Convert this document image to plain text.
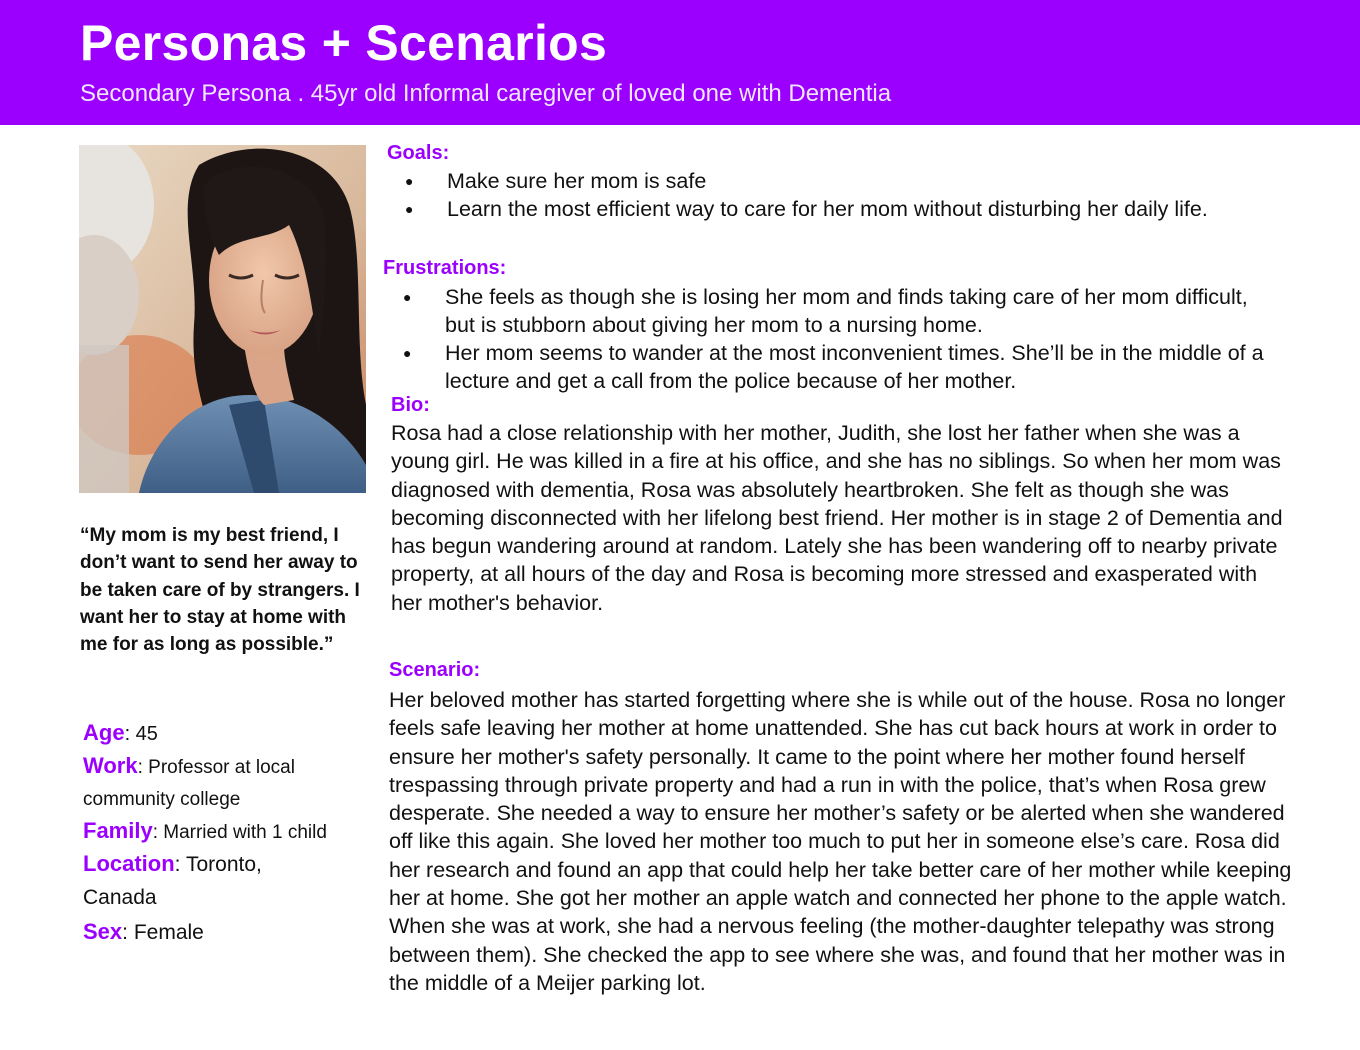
Personas + Scenarios
Secondary Persona . 45yr old Informal caregiver of loved one with Dementia
“My mom is my best friend, I don’t want to send her away to be taken care of by strangers. I want her to stay at home with me for as long as possible.”
Age: 45
Work: Professor at local
community college
Family: Married with 1 child
Location: Toronto,
Canada
Sex: Female
Goals:
● Make sure her mom is safe
● Learn the most efficient way to care for her mom without disturbing her daily life.
Frustrations:
● She feels as though she is losing her mom and finds taking care of her mom difficult, but is stubborn about giving her mom to a nursing home.
● Her mom seems to wander at the most inconvenient times. She’ll be in the middle of a lecture and get a call from the police because of her mother.
Bio:
Rosa had a close relationship with her mother, Judith, she lost her father when she was a young girl. He was killed in a fire at his office, and she has no siblings. So when her mom was diagnosed with dementia, Rosa was absolutely heartbroken. She felt as though she was becoming disconnected with her lifelong best friend. Her mother is in stage 2 of Dementia and has begun wandering around at random. Lately she has been wandering off to nearby private property, at all hours of the day and Rosa is becoming more stressed and exasperated with her mother's behavior.
Scenario:
Her beloved mother has started forgetting where she is while out of the house. Rosa no longer feels safe leaving her mother at home unattended. She has cut back hours at work in order to ensure her mother's safety personally. It came to the point where her mother found herself trespassing through private property and had a run in with the police, that’s when Rosa grew desperate. She needed a way to ensure her mother’s safety or be alerted when she wandered off like this again. She loved her mother too much to put her in someone else’s care. Rosa did her research and found an app that could help her take better care of her mother while keeping her at home. She got her mother an apple watch and connected her phone to the apple watch. When she was at work, she had a nervous feeling (the mother-daughter telepathy was strong between them). She checked the app to see where she was, and found that her mother was in the middle of a Meijer parking lot.
